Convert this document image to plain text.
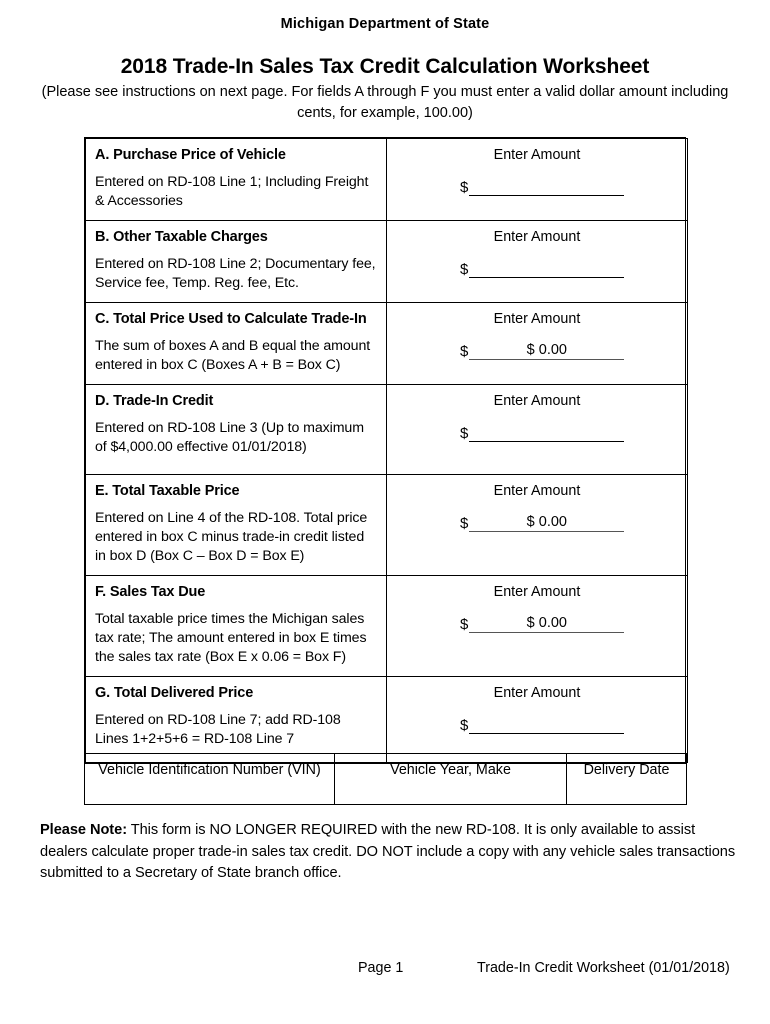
Michigan Department of State
2018 Trade-In Sales Tax Credit Calculation Worksheet
(Please see instructions on next page. For fields A through F you must enter a valid dollar amount including cents, for example, 100.00)
A. Purchase Price of Vehicle
Entered on RD-108 Line 1; Including Freight & Accessories

Enter Amount
$

B. Other Taxable Charges
Entered on RD-108 Line 2; Documentary fee, Service fee, Temp. Reg. fee, Etc.

Enter Amount
$

C. Total Price Used to Calculate Trade-In
The sum of boxes A and B equal the amount entered in box C (Boxes A + B = Box C)

Enter Amount
$	$ 0.00

D. Trade-In Credit
Entered on RD-108 Line 3 (Up to maximum of $4,000.00 effective 01/01/2018)

Enter Amount
$

E. Total Taxable Price
Entered on Line 4 of the RD-108. Total price entered in box C minus trade-in credit listed in box D (Box C – Box D = Box E)

Enter Amount
$	$ 0.00

F. Sales Tax Due
Total taxable price times the Michigan sales tax rate; The amount entered in box E times the sales tax rate (Box E x 0.06 = Box F)

Enter Amount
$	$ 0.00

G. Total Delivered Price
Entered on RD-108 Line 7; add RD-108 Lines 1+2+5+6 = RD-108 Line 7

Enter Amount
$
Vehicle Identification Number (VIN)	Vehicle Year, Make	Delivery Date
Please Note: This form is NO LONGER REQUIRED with the new RD-108. It is only available to assist dealers calculate proper trade-in sales tax credit. DO NOT include a copy with any vehicle sales transactions submitted to a Secretary of State branch office.
Page 1	Trade-In Credit Worksheet (01/01/2018)
